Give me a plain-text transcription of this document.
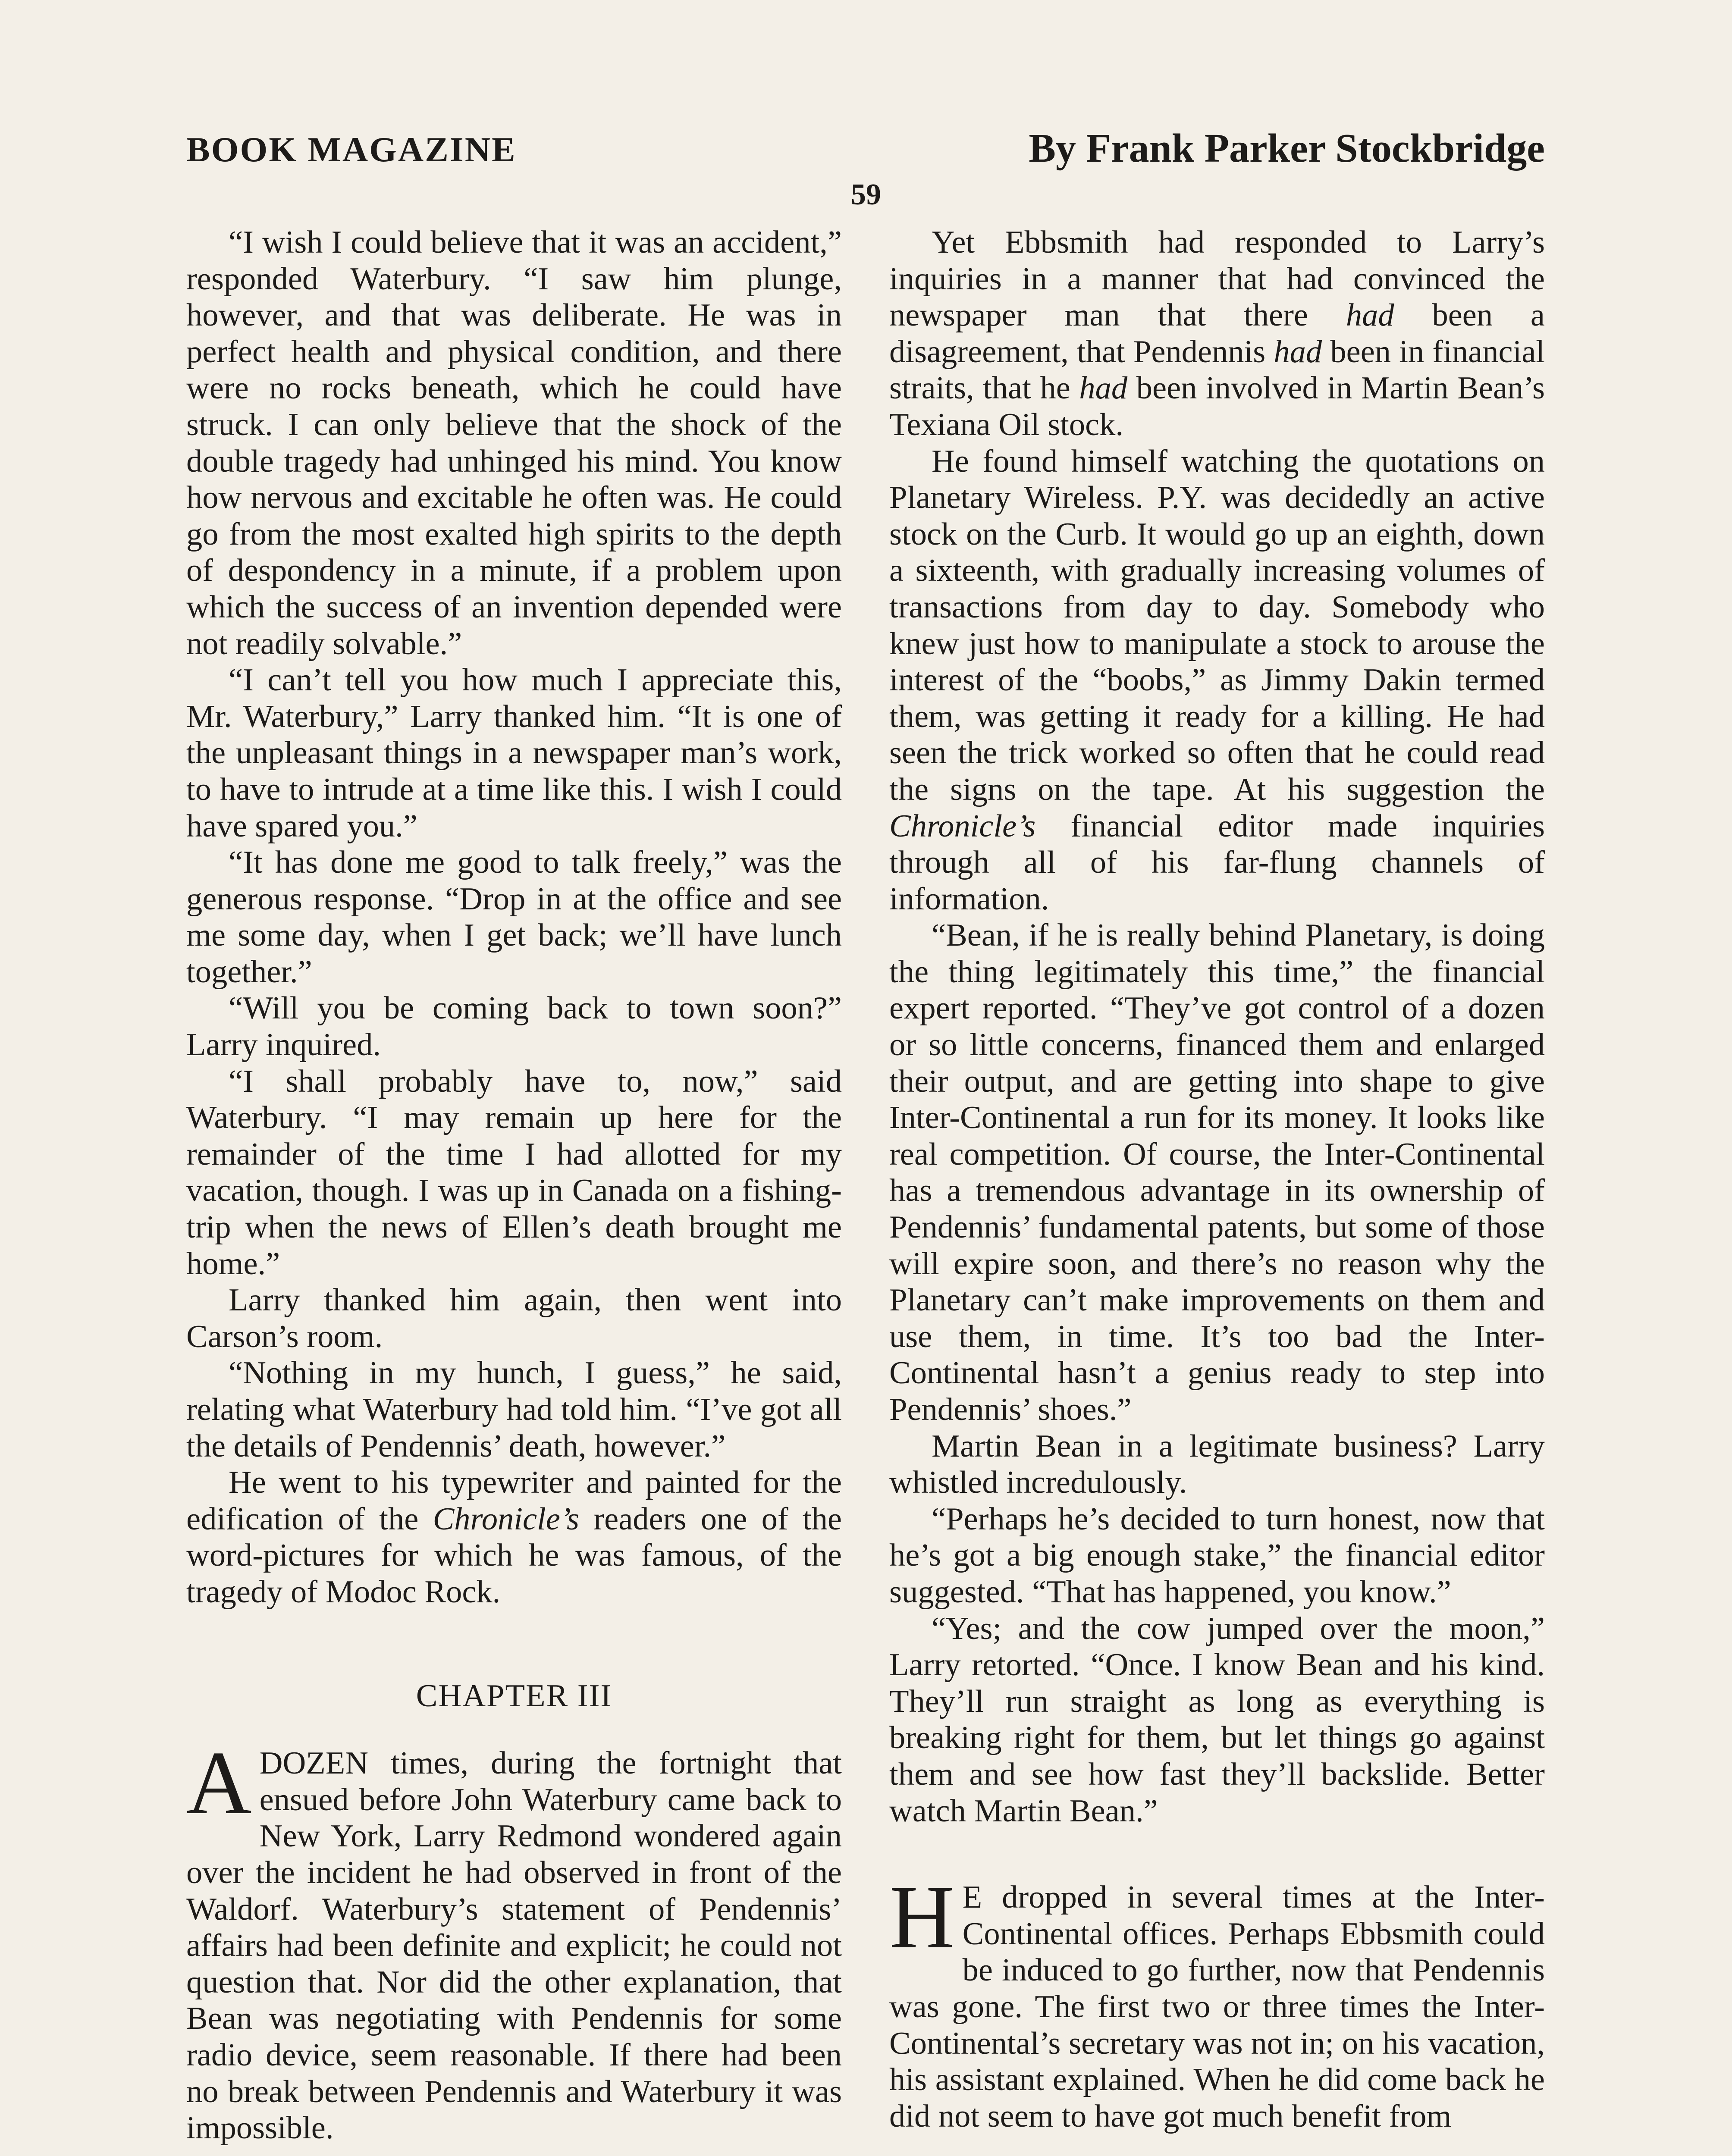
BOOK MAGAZINE	By Frank Parker Stockbridge
59

“I wish I could believe that it was an accident,” responded Waterbury. “I saw him plunge, however, and that was deliberate. He was in perfect health and physical condition, and there were no rocks beneath, which he could have struck. I can only believe that the shock of the double tragedy had unhinged his mind. You know how nervous and excitable he often was. He could go from the most exalted high spirits to the depth of despondency in a minute, if a problem upon which the success of an invention depended were not readily solvable.”

“I can’t tell you how much I appreciate this, Mr. Waterbury,” Larry thanked him. “It is one of the unpleasant things in a newspaper man’s work, to have to intrude at a time like this. I wish I could have spared you.”

“It has done me good to talk freely,” was the generous response. “Drop in at the office and see me some day, when I get back; we’ll have lunch together.”

“Will you be coming back to town soon?” Larry inquired.

“I shall probably have to, now,” said Waterbury. “I may remain up here for the remainder of the time I had allotted for my vacation, though. I was up in Canada on a fishing-trip when the news of Ellen’s death brought me home.”

Larry thanked him again, then went into Carson’s room.

“Nothing in my hunch, I guess,” he said, relating what Waterbury had told him. “I’ve got all the details of Pendennis’ death, however.”

He went to his typewriter and painted for the edification of the Chronicle’s readers one of the word-pictures for which he was famous, of the tragedy of Modoc Rock.

CHAPTER III

A DOZEN times, during the fortnight that ensued before John Waterbury came back to New York, Larry Redmond wondered again over the incident he had observed in front of the Waldorf. Waterbury’s statement of Pendennis’ affairs had been definite and explicit; he could not question that. Nor did the other explanation, that Bean was negotiating with Pendennis for some radio device, seem reasonable. If there had been no break between Pendennis and Waterbury it was impossible.

Yet Ebbsmith had responded to Larry’s inquiries in a manner that had convinced the newspaper man that there had been a disagreement, that Pendennis had been in financial straits, that he had been involved in Martin Bean’s Texiana Oil stock.

He found himself watching the quotations on Planetary Wireless. P.Y. was decidedly an active stock on the Curb. It would go up an eighth, down a sixteenth, with gradually increasing volumes of transactions from day to day. Somebody who knew just how to manipulate a stock to arouse the interest of the “boobs,” as Jimmy Dakin termed them, was getting it ready for a killing. He had seen the trick worked so often that he could read the signs on the tape. At his suggestion the Chronicle’s financial editor made inquiries through all of his far-flung channels of information.

“Bean, if he is really behind Planetary, is doing the thing legitimately this time,” the financial expert reported. “They’ve got control of a dozen or so little concerns, financed them and enlarged their output, and are getting into shape to give Inter-Continental a run for its money. It looks like real competition. Of course, the Inter-Continental has a tremendous advantage in its ownership of Pendennis’ fundamental patents, but some of those will expire soon, and there’s no reason why the Planetary can’t make improvements on them and use them, in time. It’s too bad the Inter-Continental hasn’t a genius ready to step into Pendennis’ shoes.”

Martin Bean in a legitimate business? Larry whistled incredulously.

“Perhaps he’s decided to turn honest, now that he’s got a big enough stake,” the financial editor suggested. “That has happened, you know.”

“Yes; and the cow jumped over the moon,” Larry retorted. “Once. I know Bean and his kind. They’ll run straight as long as everything is breaking right for them, but let things go against them and see how fast they’ll backslide. Better watch Martin Bean.”

H E dropped in several times at the Inter-Continental offices. Perhaps Ebbsmith could be induced to go further, now that Pendennis was gone. The first two or three times the Inter-Continental’s secretary was not in; on his vacation, his assistant explained. When he did come back he did not seem to have got much benefit from
